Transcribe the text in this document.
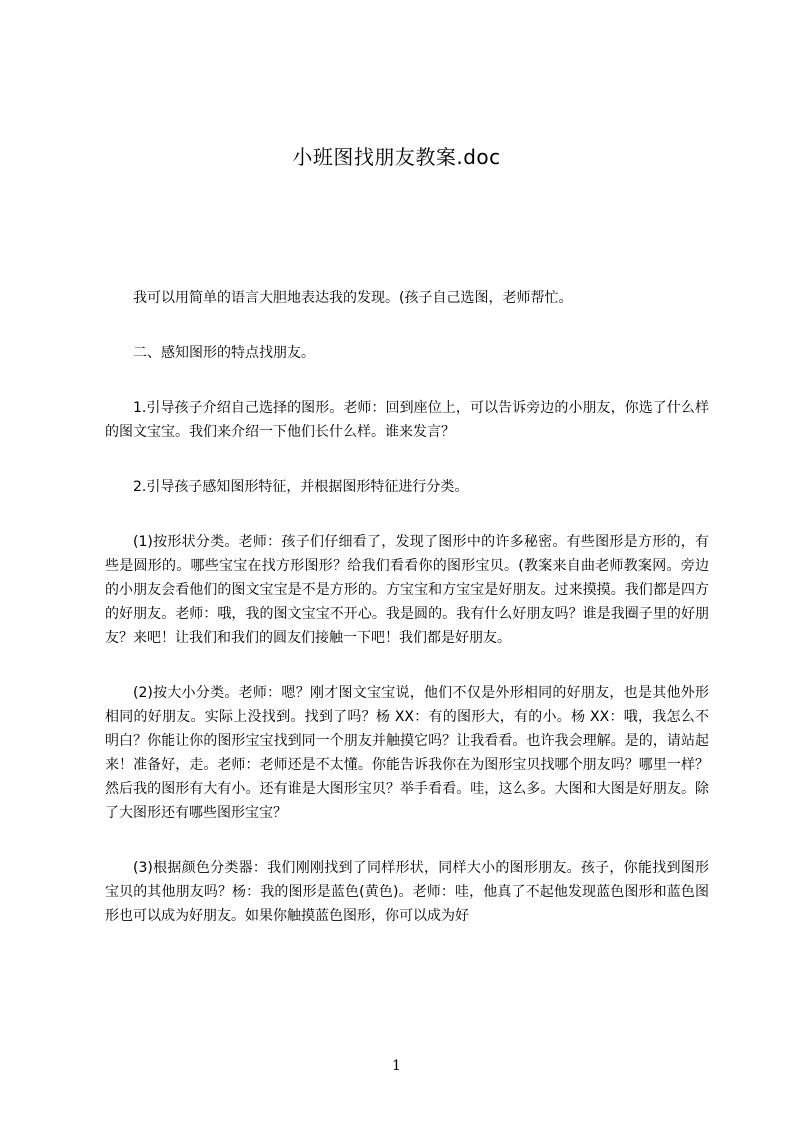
小班图找朋友教案.doc

我可以用简单的语言大胆地表达我的发现。(孩子自己选图，老师帮忙。

二、感知图形的特点找朋友。

1.引导孩子介绍自己选择的图形。老师：回到座位上，可以告诉旁边的小朋友，你选了什么样的图文宝宝。我们来介绍一下他们长什么样。谁来发言？

2.引导孩子感知图形特征，并根据图形特征进行分类。

(1)按形状分类。老师：孩子们仔细看了，发现了图形中的许多秘密。有些图形是方形的，有些是圆形的。哪些宝宝在找方形图形？给我们看看你的图形宝贝。(教案来自曲老师教案网。旁边的小朋友会看他们的图文宝宝是不是方形的。方宝宝和方宝宝是好朋友。过来摸摸。我们都是四方的好朋友。老师：哦，我的图文宝宝不开心。我是圆的。我有什么好朋友吗？谁是我圈子里的好朋友？来吧！让我们和我们的圆友们接触一下吧！我们都是好朋友。

(2)按大小分类。老师：嗯？刚才图文宝宝说，他们不仅是外形相同的好朋友，也是其他外形相同的好朋友。实际上没找到。找到了吗？杨 XX：有的图形大，有的小。杨 XX：哦，我怎么不明白？你能让你的图形宝宝找到同一个朋友并触摸它吗？让我看看。也许我会理解。是的，请站起来！准备好，走。老师：老师还是不太懂。你能告诉我你在为图形宝贝找哪个朋友吗？哪里一样？然后我的图形有大有小。还有谁是大图形宝贝？举手看看。哇，这么多。大图和大图是好朋友。除了大图形还有哪些图形宝宝？

(3)根据颜色分类器：我们刚刚找到了同样形状，同样大小的图形朋友。孩子，你能找到图形宝贝的其他朋友吗？杨：我的图形是蓝色(黄色)。老师：哇，他真了不起他发现蓝色图形和蓝色图形也可以成为好朋友。如果你触摸蓝色图形，你可以成为好

1
